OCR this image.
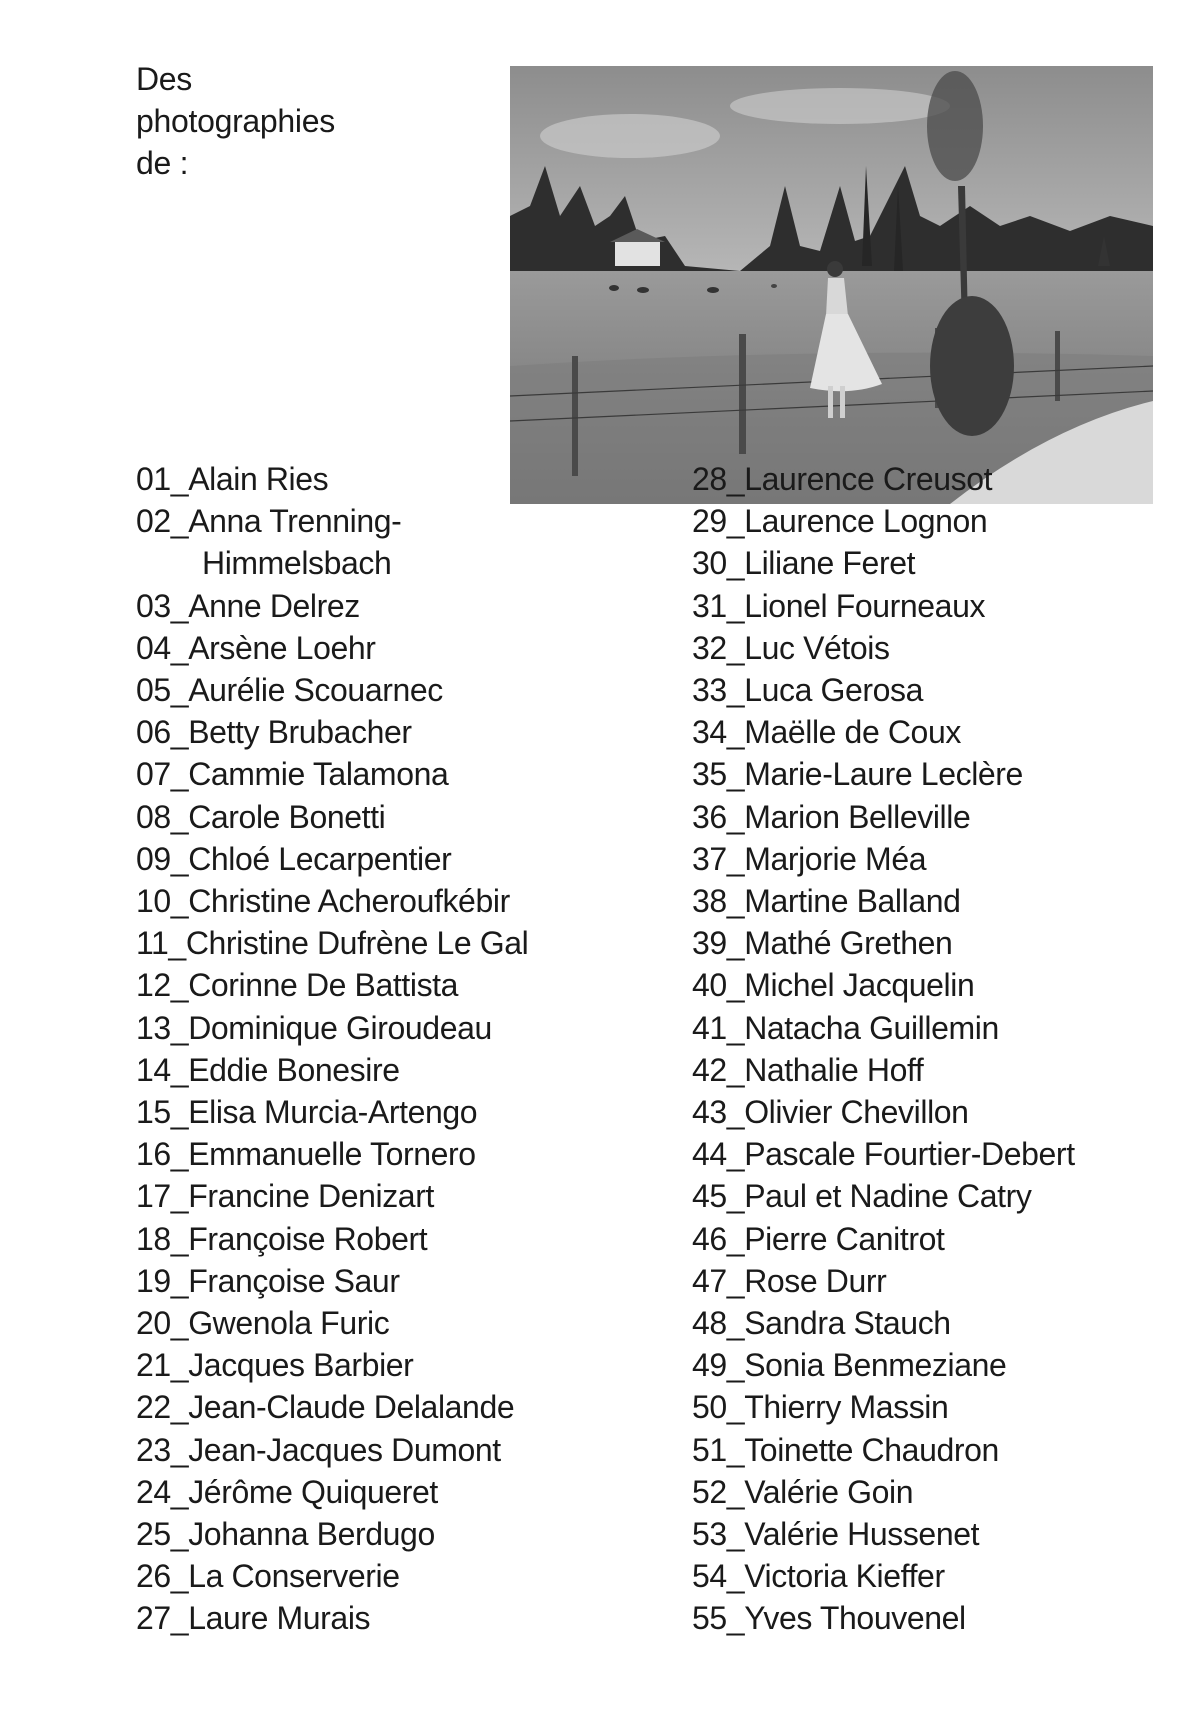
Des
photographies
de :
01_Alain Ries
02_Anna Trenning-
Himmelsbach
03_Anne Delrez
04_Arsène Loehr
05_Aurélie Scouarnec
06_Betty Brubacher
07_Cammie Talamona
08_Carole Bonetti
09_Chloé Lecarpentier
10_Christine Acheroufkébir
11_Christine Dufrène Le Gal
12_Corinne De Battista
13_Dominique Giroudeau
14_Eddie Bonesire
15_Elisa Murcia-Artengo
16_Emmanuelle Tornero
17_Francine Denizart
18_Françoise Robert
19_Françoise Saur
20_Gwenola Furic
21_Jacques Barbier
22_Jean-Claude Delalande
23_Jean-Jacques Dumont
24_Jérôme Quiqueret
25_Johanna Berdugo
26_La Conserverie
27_Laure Murais
28_Laurence Creusot
29_Laurence Lognon
30_Liliane Feret
31_Lionel Fourneaux
32_Luc Vétois
33_Luca Gerosa
34_Maëlle de Coux
35_Marie-Laure Leclère
36_Marion Belleville
37_Marjorie Méa
38_Martine Balland
39_Mathé Grethen
40_Michel Jacquelin
41_Natacha Guillemin
42_Nathalie Hoff
43_Olivier Chevillon
44_Pascale Fourtier-Debert
45_Paul et Nadine Catry
46_Pierre Canitrot
47_Rose Durr
48_Sandra Stauch
49_Sonia Benmeziane
50_Thierry Massin
51_Toinette Chaudron
52_Valérie Goin
53_Valérie Hussenet
54_Victoria Kieffer
55_Yves Thouvenel
